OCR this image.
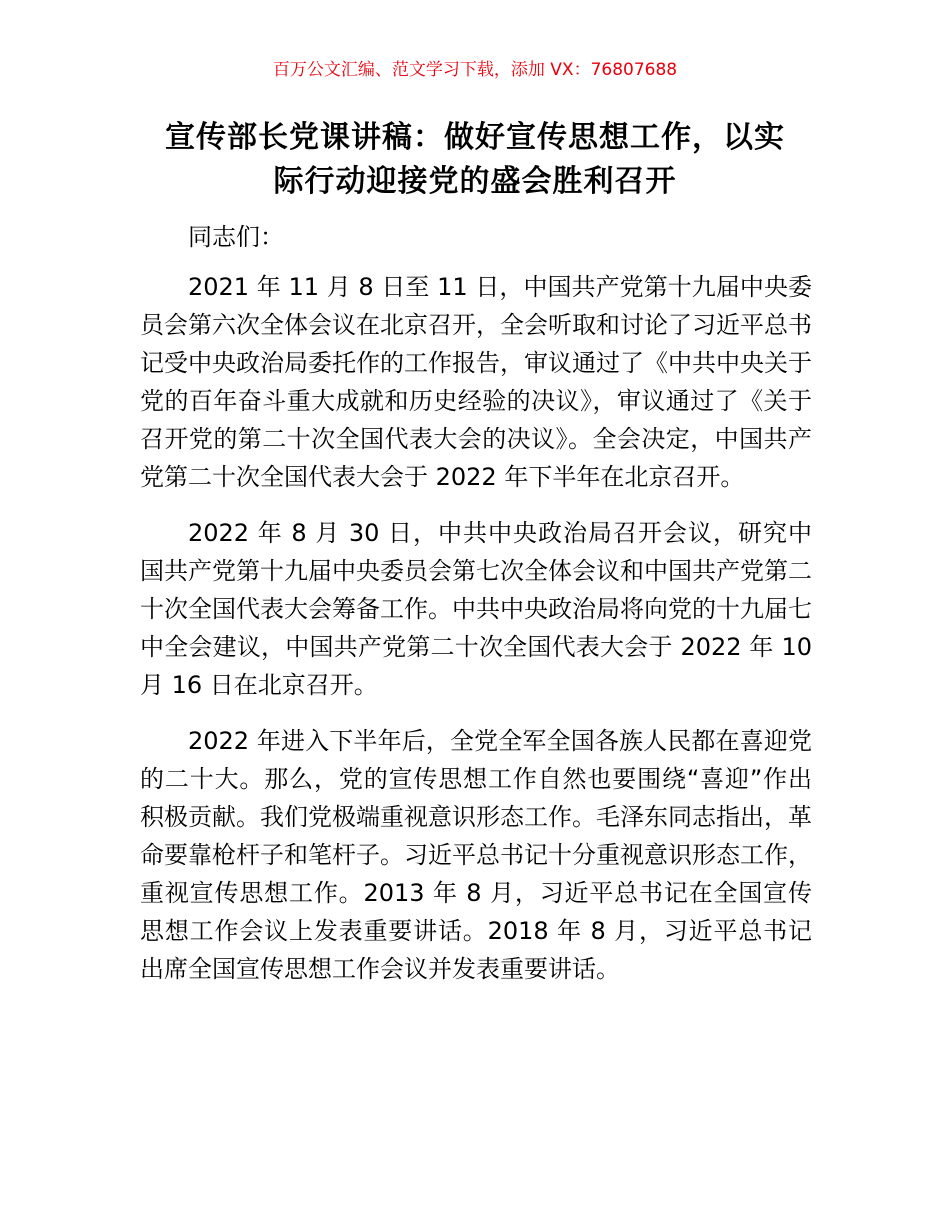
百万公文汇编、范文学习下载，添加 VX：76807688
宣传部长党课讲稿：做好宣传思想工作，以实
际行动迎接党的盛会胜利召开

同志们：

2021 年 11 月 8 日至 11 日，中国共产党第十九届中央委员会第六次全体会议在北京召开，全会听取和讨论了习近平总书记受中央政治局委托作的工作报告，审议通过了《中共中央关于党的百年奋斗重大成就和历史经验的决议》，审议通过了《关于召开党的第二十次全国代表大会的决议》。全会决定，中国共产党第二十次全国代表大会于 2022 年下半年在北京召开。

2022 年 8 月 30 日，中共中央政治局召开会议，研究中国共产党第十九届中央委员会第七次全体会议和中国共产党第二十次全国代表大会筹备工作。中共中央政治局将向党的十九届七中全会建议，中国共产党第二十次全国代表大会于 2022 年 10 月 16 日在北京召开。

2022 年进入下半年后，全党全军全国各族人民都在喜迎党的二十大。那么，党的宣传思想工作自然也要围绕“喜迎”作出积极贡献。我们党极端重视意识形态工作。毛泽东同志指出，革命要靠枪杆子和笔杆子。习近平总书记十分重视意识形态工作，重视宣传思想工作。2013 年 8 月，习近平总书记在全国宣传思想工作会议上发表重要讲话。2018 年 8 月，习近平总书记出席全国宣传思想工作会议并发表重要讲话。
